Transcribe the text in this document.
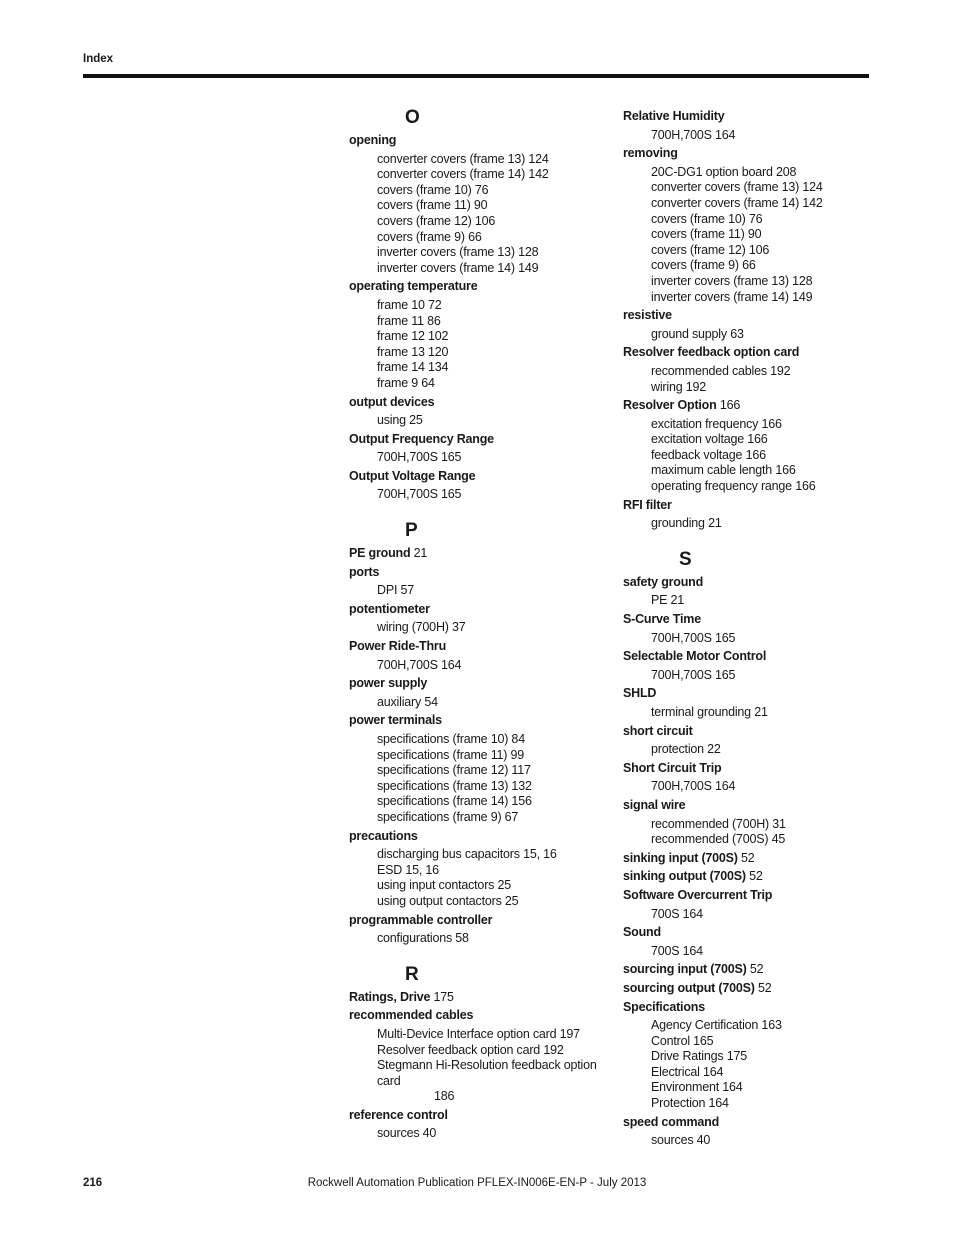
Index
O
opening
converter covers (frame 13) 124
converter covers (frame 14) 142
covers (frame 10) 76
covers (frame 11) 90
covers (frame 12) 106
covers (frame 9) 66
inverter covers (frame 13) 128
inverter covers (frame 14) 149
operating temperature
frame 10 72
frame 11 86
frame 12 102
frame 13 120
frame 14 134
frame 9 64
output devices
using 25
Output Frequency Range
700H,700S 165
Output Voltage Range
700H,700S 165
P
PE ground 21
ports
DPI 57
potentiometer
wiring (700H) 37
Power Ride-Thru
700H,700S 164
power supply
auxiliary 54
power terminals
specifications (frame 10) 84
specifications (frame 11) 99
specifications (frame 12) 117
specifications (frame 13) 132
specifications (frame 14) 156
specifications (frame 9) 67
precautions
discharging bus capacitors 15, 16
ESD 15, 16
using input contactors 25
using output contactors 25
programmable controller
configurations 58
R
Ratings, Drive 175
recommended cables
Multi-Device Interface option card 197
Resolver feedback option card 192
Stegmann Hi-Resolution feedback option card
186
reference control
sources 40
Relative Humidity
700H,700S 164
removing
20C-DG1 option board 208
converter covers (frame 13) 124
converter covers (frame 14) 142
covers (frame 10) 76
covers (frame 11) 90
covers (frame 12) 106
covers (frame 9) 66
inverter covers (frame 13) 128
inverter covers (frame 14) 149
resistive
ground supply 63
Resolver feedback option card
recommended cables 192
wiring 192
Resolver Option 166
excitation frequency 166
excitation voltage 166
feedback voltage 166
maximum cable length 166
operating frequency range 166
RFI filter
grounding 21
S
safety ground
PE 21
S-Curve Time
700H,700S 165
Selectable Motor Control
700H,700S 165
SHLD
terminal grounding 21
short circuit
protection 22
Short Circuit Trip
700H,700S 164
signal wire
recommended (700H) 31
recommended (700S) 45
sinking input (700S) 52
sinking output (700S) 52
Software Overcurrent Trip
700S 164
Sound
700S 164
sourcing input (700S) 52
sourcing output (700S) 52
Specifications
Agency Certification 163
Control 165
Drive Ratings 175
Electrical 164
Environment 164
Protection 164
speed command
sources 40
216	Rockwell Automation Publication PFLEX-IN006E-EN-P - July 2013
